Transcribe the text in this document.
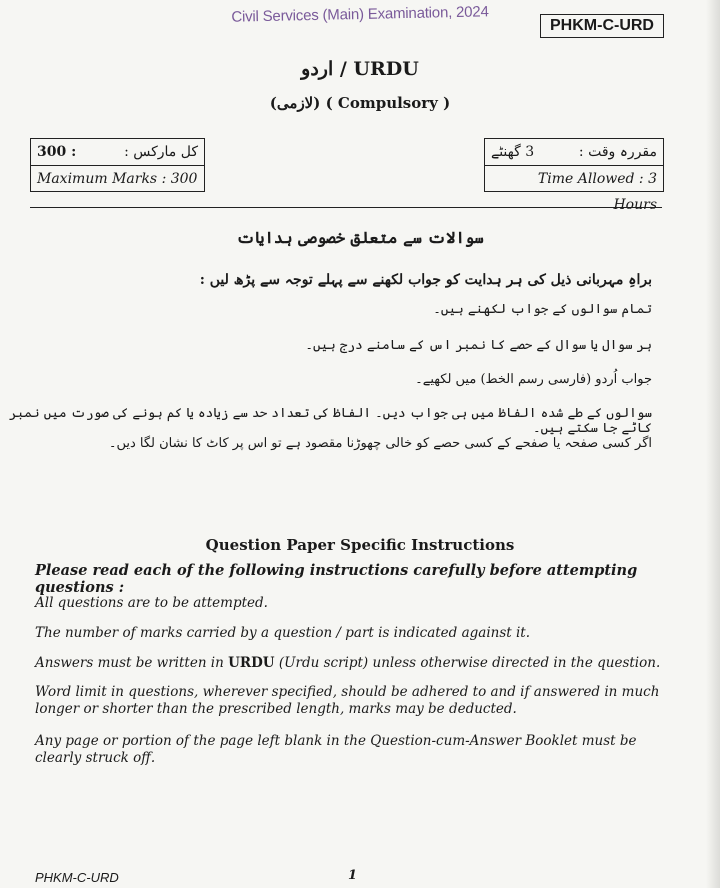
Civil Services (Main) Examination, 2024	PHKM-C-URD
اردو / URDU
(لازمی) ( Compulsory )
300 :	کل مارکس :
Maximum Marks : 300
مقررہ وقت :
3 گھنٹے
Time Allowed : 3 Hours
سوالات سے متعلق خصوصی ہدایات
براہِ مہربانی ذیل کی ہر ہدایت کو جواب لکھنے سے پہلے توجہ سے پڑھ لیں :
تمام سوالوں کے جواب لکھنے ہیں۔
ہر سوال یا سوال کے حصے کا نمبر اس کے سامنے درج ہیں۔
جواب اُردو (فارسی رسم الخط) میں لکھیے۔
سوالوں کے طے شدہ الفاظ میں ہی جواب دیں۔ الفاظ کی تعداد حد سے زیادہ یا کم ہونے کی صورت میں نمبر کاٹے جا سکتے ہیں۔
اگر کسی صفحہ یا صفحے کے کسی حصے کو خالی چھوڑنا مقصود ہے تو اس پر کاٹ کا نشان لگا دیں۔
Question Paper Specific Instructions
Please read each of the following instructions carefully before attempting questions :
All questions are to be attempted.
The number of marks carried by a question / part is indicated against it.
Answers must be written in URDU (Urdu script) unless otherwise directed in the question.
Word limit in questions, wherever specified, should be adhered to and if answered in much longer or shorter than the prescribed length, marks may be deducted.
Any page or portion of the page left blank in the Question-cum-Answer Booklet must be clearly struck off.
PHKM-C-URD	1
